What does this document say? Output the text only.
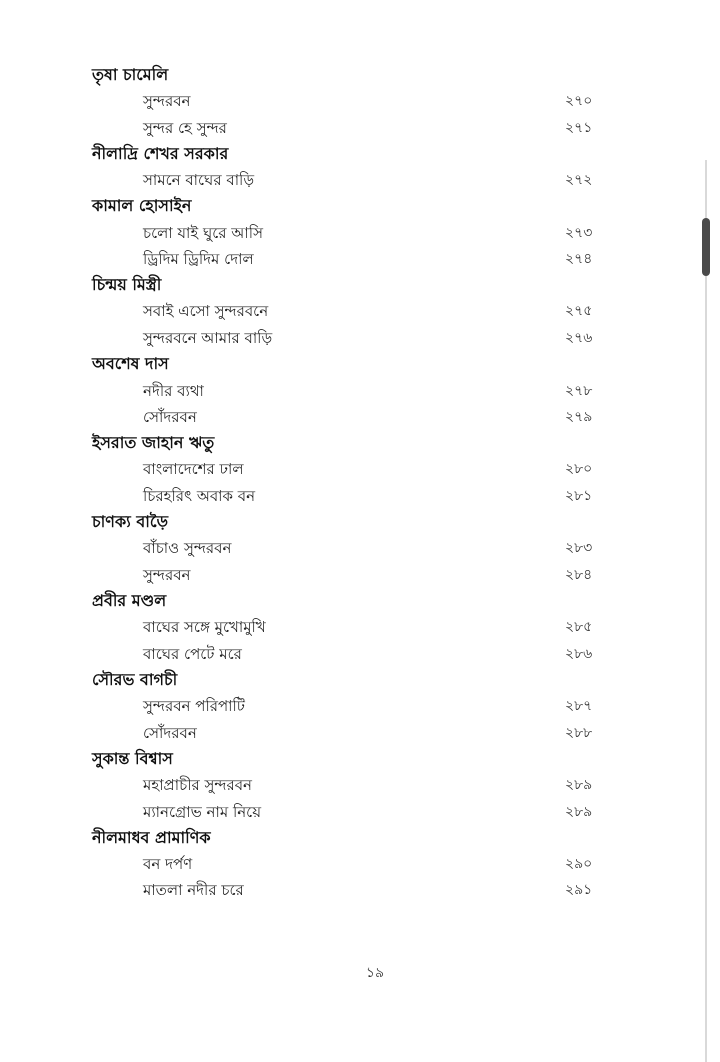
তৃষা চামেলি
সুন্দরবন	২৭০
সুন্দর হে সুন্দর	২৭১
নীলাদ্রি শেখর সরকার
সামনে বাঘের বাড়ি	২৭২
কামাল হোসাইন
চলো যাই ঘুরে আসি	২৭৩
ড্রিদিম ড্রিদিম দোল	২৭৪
চিন্ময় মিস্ত্রী
সবাই এসো সুন্দরবনে	২৭৫
সুন্দরবনে আমার বাড়ি	২৭৬
অবশেষ দাস
নদীর ব্যথা	২৭৮
সোঁদরবন	২৭৯
ইসরাত জাহান ঋতু
বাংলাদেশের ঢাল	২৮০
চিরহরিৎ অবাক বন	২৮১
চাণক্য বাড়ৈ
বাঁচাও সুন্দরবন	২৮৩
সুন্দরবন	২৮৪
প্রবীর মণ্ডল
বাঘের সঙ্গে মুখোমুখি	২৮৫
বাঘের পেটে মরে	২৮৬
সৌরভ বাগচী
সুন্দরবন পরিপাটি	২৮৭
সোঁদরবন	২৮৮
সুকান্ত বিশ্বাস
মহাপ্রাচীর সুন্দরবন	২৮৯
ম্যানগ্রোভ নাম নিয়ে	২৮৯
নীলমাধব প্রামাণিক
বন দর্পণ	২৯০
মাতলা নদীর চরে	২৯১
১৯
